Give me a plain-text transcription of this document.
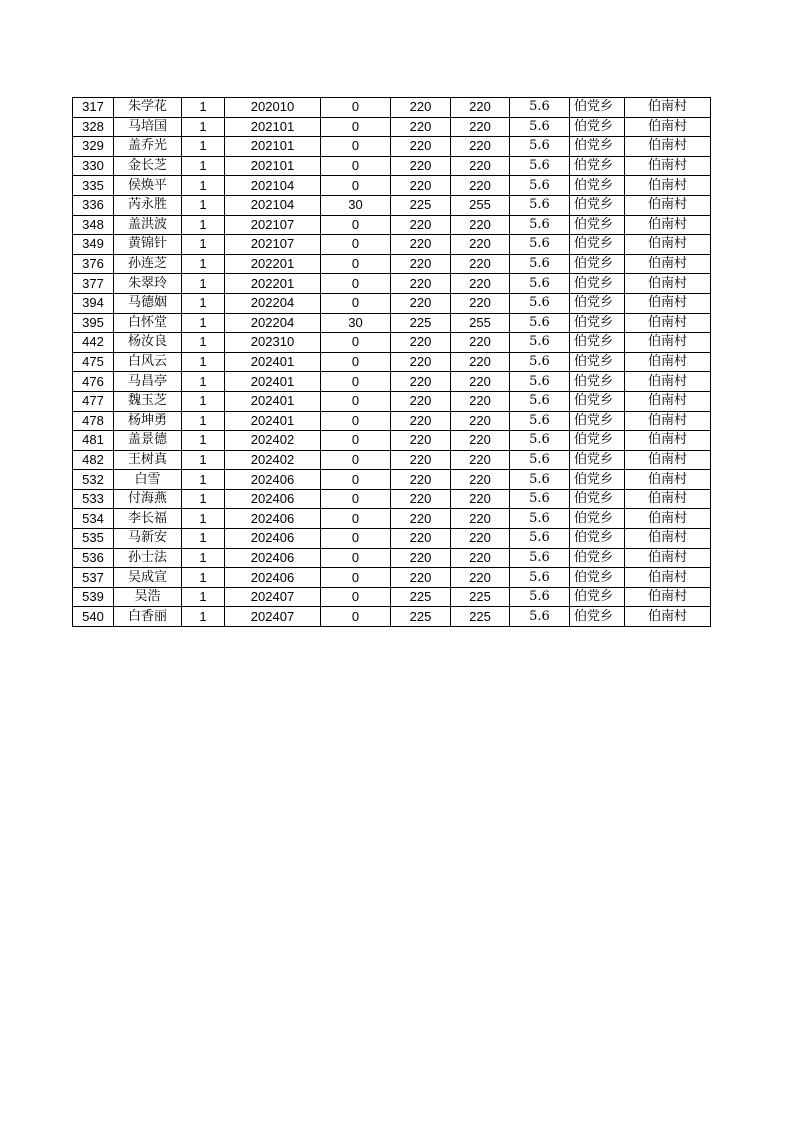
317	朱学花	1	202010	0	220	220	5.6	伯党乡	伯南村
328	马培国	1	202101	0	220	220	5.6	伯党乡	伯南村
329	盖乔光	1	202101	0	220	220	5.6	伯党乡	伯南村
330	金长芝	1	202101	0	220	220	5.6	伯党乡	伯南村
335	侯焕平	1	202104	0	220	220	5.6	伯党乡	伯南村
336	芮永胜	1	202104	30	225	255	5.6	伯党乡	伯南村
348	盖洪波	1	202107	0	220	220	5.6	伯党乡	伯南村
349	黄锦针	1	202107	0	220	220	5.6	伯党乡	伯南村
376	孙连芝	1	202201	0	220	220	5.6	伯党乡	伯南村
377	朱翠玲	1	202201	0	220	220	5.6	伯党乡	伯南村
394	马德姻	1	202204	0	220	220	5.6	伯党乡	伯南村
395	白怀堂	1	202204	30	225	255	5.6	伯党乡	伯南村
442	杨汝良	1	202310	0	220	220	5.6	伯党乡	伯南村
475	白风云	1	202401	0	220	220	5.6	伯党乡	伯南村
476	马昌亭	1	202401	0	220	220	5.6	伯党乡	伯南村
477	魏玉芝	1	202401	0	220	220	5.6	伯党乡	伯南村
478	杨坤勇	1	202401	0	220	220	5.6	伯党乡	伯南村
481	盖景德	1	202402	0	220	220	5.6	伯党乡	伯南村
482	王树真	1	202402	0	220	220	5.6	伯党乡	伯南村
532	白雪	1	202406	0	220	220	5.6	伯党乡	伯南村
533	付海燕	1	202406	0	220	220	5.6	伯党乡	伯南村
534	李长福	1	202406	0	220	220	5.6	伯党乡	伯南村
535	马新安	1	202406	0	220	220	5.6	伯党乡	伯南村
536	孙士法	1	202406	0	220	220	5.6	伯党乡	伯南村
537	吴成宣	1	202406	0	220	220	5.6	伯党乡	伯南村
539	吴浩	1	202407	0	225	225	5.6	伯党乡	伯南村
540	白香丽	1	202407	0	225	225	5.6	伯党乡	伯南村
